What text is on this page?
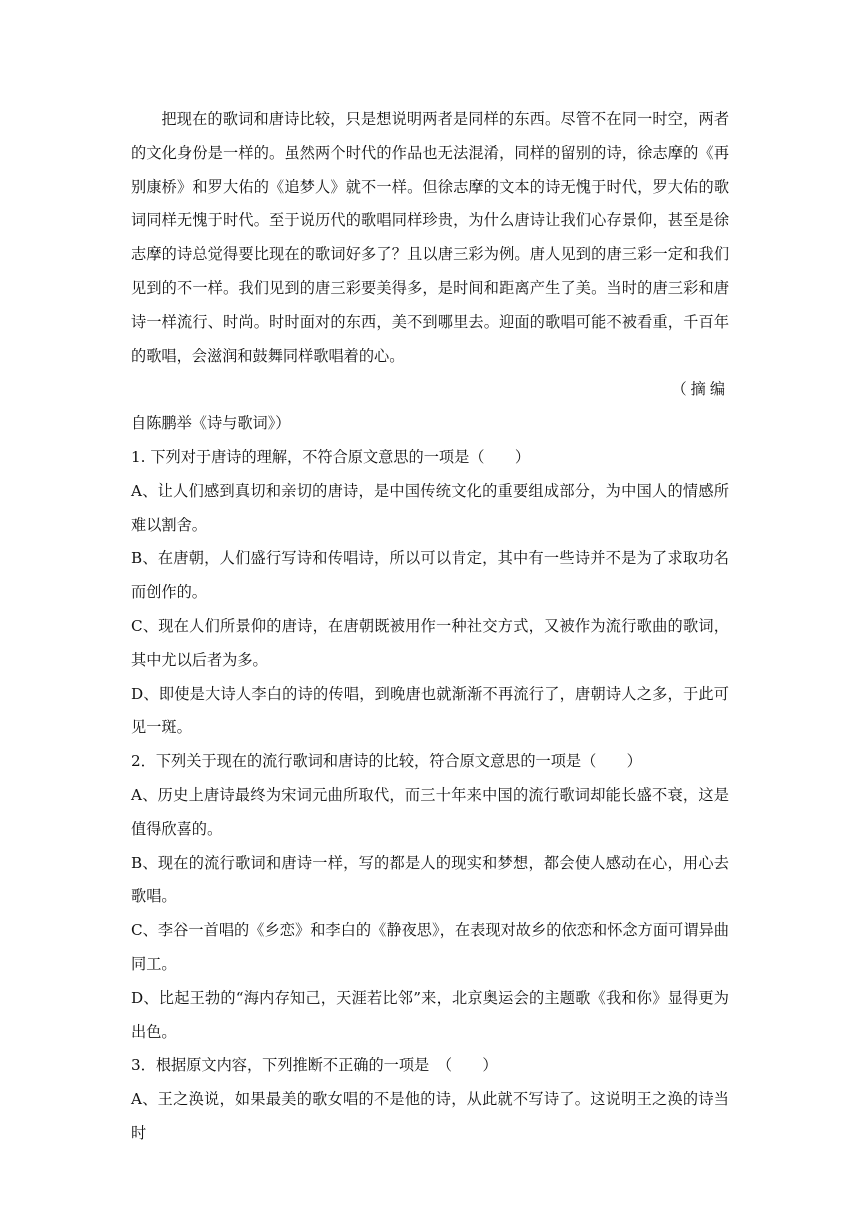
把现在的歌词和唐诗比较，只是想说明两者是同样的东西。尽管不在同一时空，两者的文化身份是一样的。虽然两个时代的作品也无法混淆，同样的留别的诗，徐志摩的《再别康桥》和罗大佑的《追梦人》就不一样。但徐志摩的文本的诗无愧于时代，罗大佑的歌词同样无愧于时代。至于说历代的歌唱同样珍贵，为什么唐诗让我们心存景仰，甚至是徐志摩的诗总觉得要比现在的歌词好多了？且以唐三彩为例。唐人见到的唐三彩一定和我们见到的不一样。我们见到的唐三彩要美得多，是时间和距离产生了美。当时的唐三彩和唐诗一样流行、时尚。时时面对的东西，美不到哪里去。迎面的歌唱可能不被看重，千百年的歌唱，会滋润和鼓舞同样歌唱着的心。

（摘编

自陈鹏举《诗与歌词》）

1. 下列对于唐诗的理解，不符合原文意思的一项是（　　）

A、让人们感到真切和亲切的唐诗，是中国传统文化的重要组成部分，为中国人的情感所难以割舍。

B、在唐朝，人们盛行写诗和传唱诗，所以可以肯定，其中有一些诗并不是为了求取功名而创作的。

C、现在人们所景仰的唐诗，在唐朝既被用作一种社交方式，又被作为流行歌曲的歌词，其中尤以后者为多。

D、即使是大诗人李白的诗的传唱，到晚唐也就渐渐不再流行了，唐朝诗人之多，于此可见一斑。

2．下列关于现在的流行歌词和唐诗的比较，符合原文意思的一项是（　　）

A、历史上唐诗最终为宋词元曲所取代，而三十年来中国的流行歌词却能长盛不衰，这是值得欣喜的。

B、现在的流行歌词和唐诗一样，写的都是人的现实和梦想，都会使人感动在心，用心去歌唱。

C、李谷一首唱的《乡恋》和李白的《静夜思》，在表现对故乡的依恋和怀念方面可谓异曲同工。

D、比起王勃的“海内存知己，天涯若比邻”来，北京奥运会的主题歌《我和你》显得更为出色。

3．根据原文内容，下列推断不正确的一项是　（　　）

A、王之涣说，如果最美的歌女唱的不是他的诗，从此就不写诗了。这说明王之涣的诗当时
